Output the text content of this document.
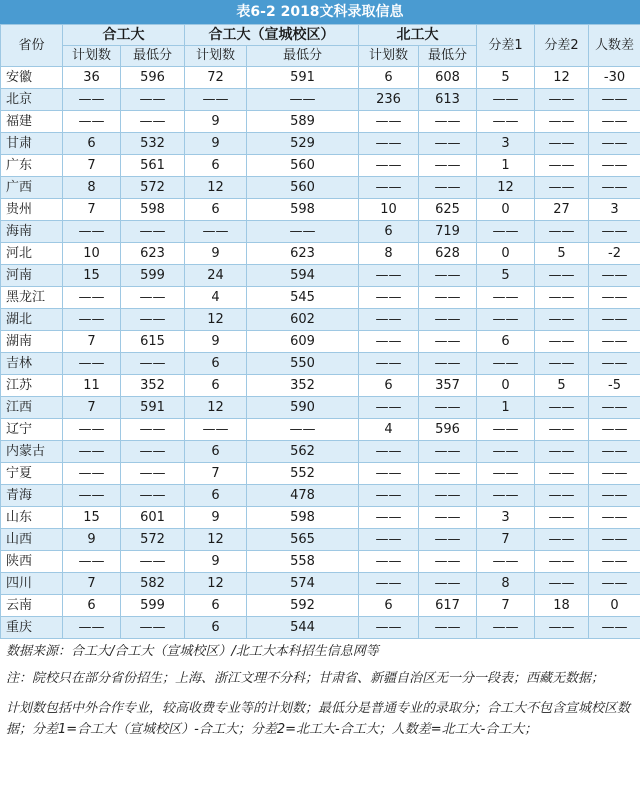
表6-2 2018文科录取信息
省份	合工大		合工大（宣城校区）		北工大		分差1	分差2	人数差
	计划数	最低分	计划数	最低分	计划数	最低分			
安徽	36	596	72	591	6	608	5	12	-30
北京	——	——	——	——	236	613	——	——	——
福建	——	——	9	589	——	——	——	——	——
甘肃	6	532	9	529	——	——	3	——	——
广东	7	561	6	560	——	——	1	——	——
广西	8	572	12	560	——	——	12	——	——
贵州	7	598	6	598	10	625	0	27	3
海南	——	——	——	——	6	719	——	——	——
河北	10	623	9	623	8	628	0	5	-2
河南	15	599	24	594	——	——	5	——	——
黑龙江	——	——	4	545	——	——	——	——	——
湖北	——	——	12	602	——	——	——	——	——
湖南	7	615	9	609	——	——	6	——	——
吉林	——	——	6	550	——	——	——	——	——
江苏	11	352	6	352	6	357	0	5	-5
江西	7	591	12	590	——	——	1	——	——
辽宁	——	——	——	——	4	596	——	——	——
内蒙古	——	——	6	562	——	——	——	——	——
宁夏	——	——	7	552	——	——	——	——	——
青海	——	——	6	478	——	——	——	——	——
山东	15	601	9	598	——	——	3	——	——
山西	9	572	12	565	——	——	7	——	——
陕西	——	——	9	558	——	——	——	——	——
四川	7	582	12	574	——	——	8	——	——
云南	6	599	6	592	6	617	7	18	0
重庆	——	——	6	544	——	——	——	——	——

数据来源：合工大/合工大（宣城校区）/北工大本科招生信息网等

注：院校只在部分省份招生；上海、浙江文理不分科；甘肃省、新疆自治区无一分一段表；西藏无数据；

计划数包括中外合作专业，较高收费专业等的计划数；最低分是普通专业的录取分；合工大不包含宣城校区数据；分差1=合工大（宣城校区）-合工大；分差2=北工大-合工大；人数差=北工大-合工大；
